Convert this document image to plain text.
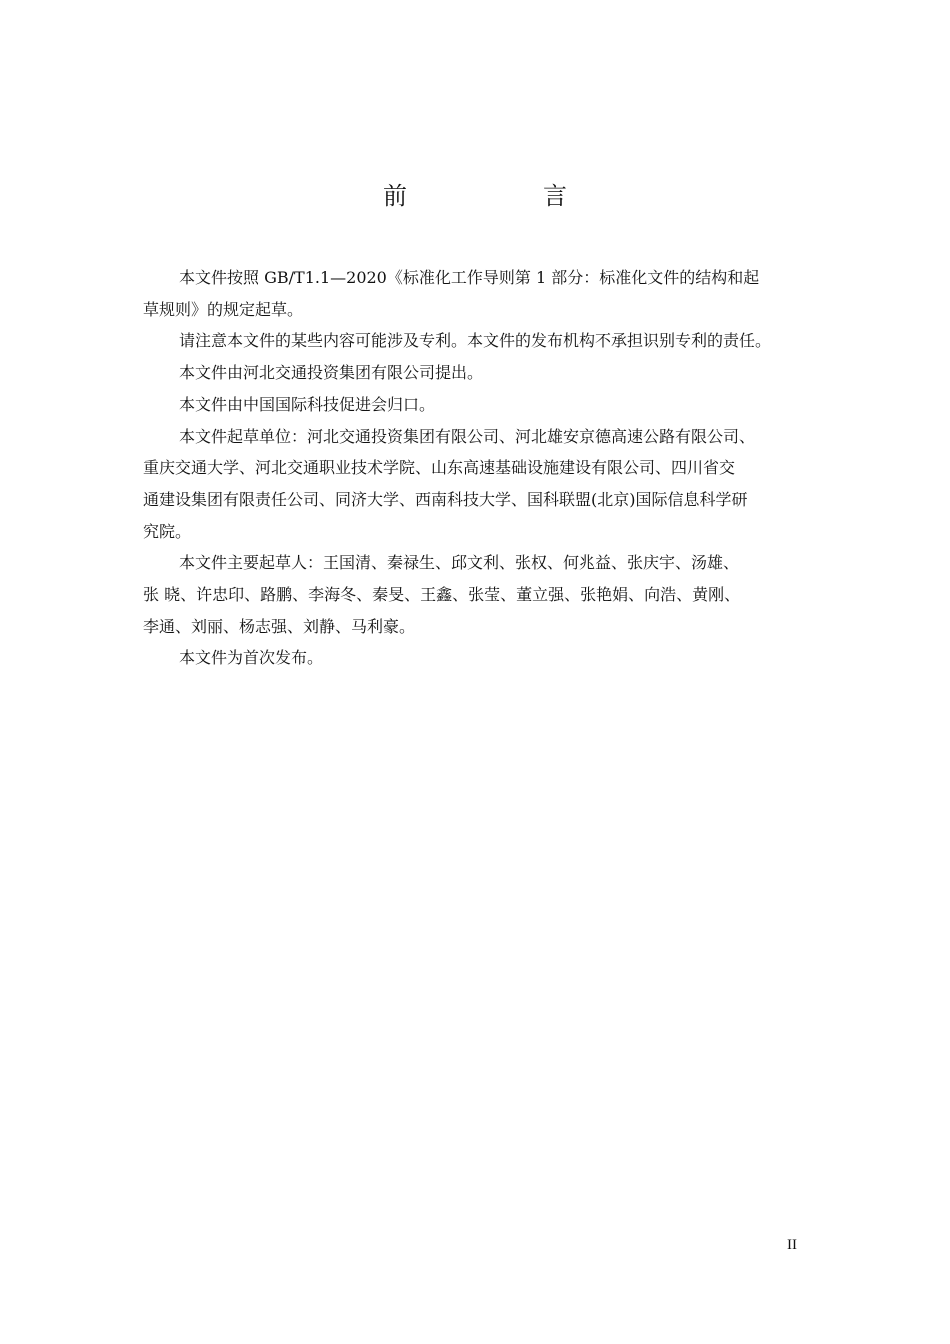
前　言

本文件按照 GB/T1.1—2020《标准化工作导则第 1 部分：标准化文件的结构和起
草规则》的规定起草。

请注意本文件的某些内容可能涉及专利。本文件的发布机构不承担识别专利的责任。

本文件由河北交通投资集团有限公司提出。

本文件由中国国际科技促进会归口。

本文件起草单位：河北交通投资集团有限公司、河北雄安京德高速公路有限公司、
重庆交通大学、河北交通职业技术学院、山东高速基础设施建设有限公司、四川省交
通建设集团有限责任公司、同济大学、西南科技大学、国科联盟(北京)国际信息科学研
究院。

本文件主要起草人：王国清、秦禄生、邱文利、张权、何兆益、张庆宇、汤雄、
张 晓、许忠印、路鹏、李海冬、秦旻、王鑫、张莹、董立强、张艳娟、向浩、黄刚、
李通、刘丽、杨志强、刘静、马利豪。

本文件为首次发布。

II
